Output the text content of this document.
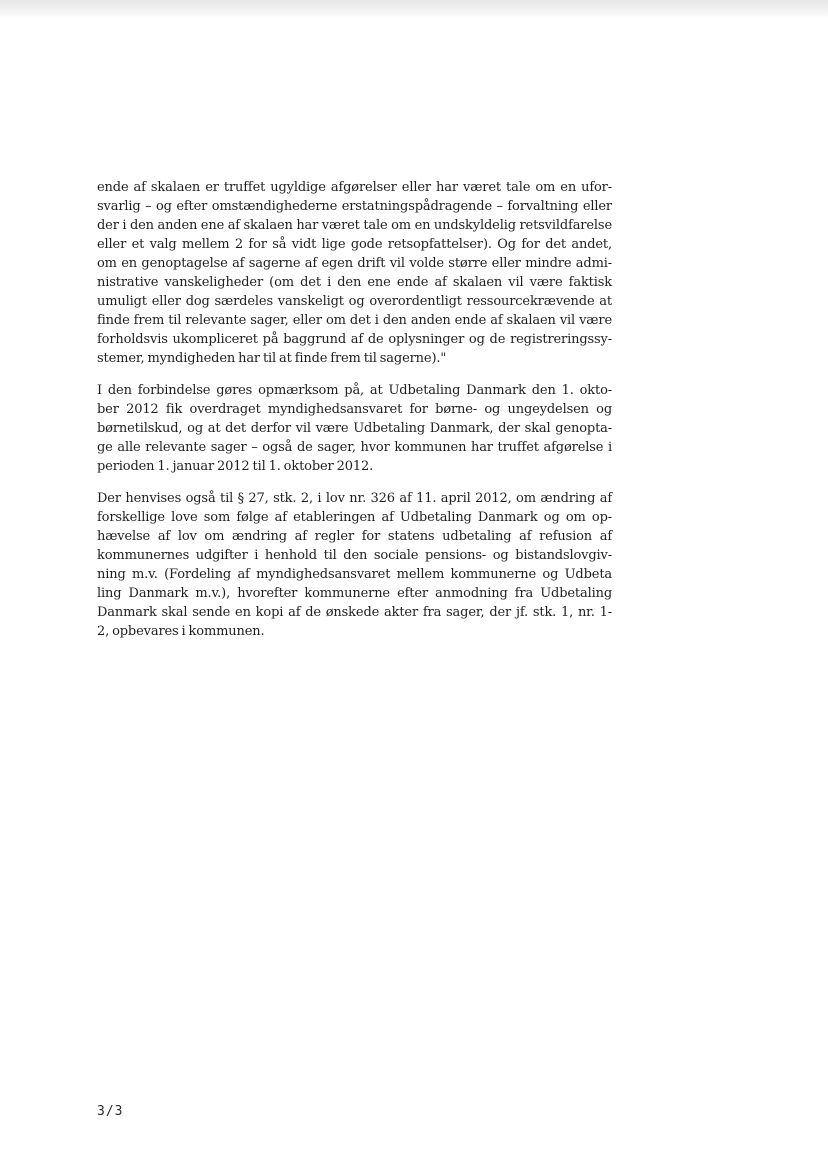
ende af skalaen er truffet ugyldige afgørelser eller har været tale om en ufor-
svarlig – og efter omstændighederne erstatningspådragende – forvaltning eller
der i den anden ene af skalaen har været tale om en undskyldelig retsvildfarelse
eller et valg mellem 2 for så vidt lige gode retsopfattelser). Og for det andet,
om en genoptagelse af sagerne af egen drift vil volde større eller mindre admi-
nistrative vanskeligheder (om det i den ene ende af skalaen vil være faktisk
umuligt eller dog særdeles vanskeligt og overordentligt ressourcekrævende at
finde frem til relevante sager, eller om det i den anden ende af skalaen vil være
forholdsvis ukompliceret på baggrund af de oplysninger og de registreringssy-
stemer, myndigheden har til at finde frem til sagerne)."

I den forbindelse gøres opmærksom på, at Udbetaling Danmark den 1. okto-
ber 2012 fik overdraget myndighedsansvaret for børne- og ungeydelsen og
børnetilskud, og at det derfor vil være Udbetaling Danmark, der skal genopta-
ge alle relevante sager – også de sager, hvor kommunen har truffet afgørelse i
perioden 1. januar 2012 til 1. oktober 2012.

Der henvises også til § 27, stk. 2, i lov nr. 326 af 11. april 2012, om ændring af
forskellige love som følge af etableringen af Udbetaling Danmark og om op-
hævelse af lov om ændring af regler for statens udbetaling af refusion af
kommunernes udgifter i henhold til den sociale pensions- og bistandslovgiv-
ning m.v. (Fordeling af myndighedsansvaret mellem kommunerne og Udbeta
ling Danmark m.v.), hvorefter kommunerne efter anmodning fra Udbetaling
Danmark skal sende en kopi af de ønskede akter fra sager, der jf. stk. 1, nr. 1-
2, opbevares i kommunen.

3/3
